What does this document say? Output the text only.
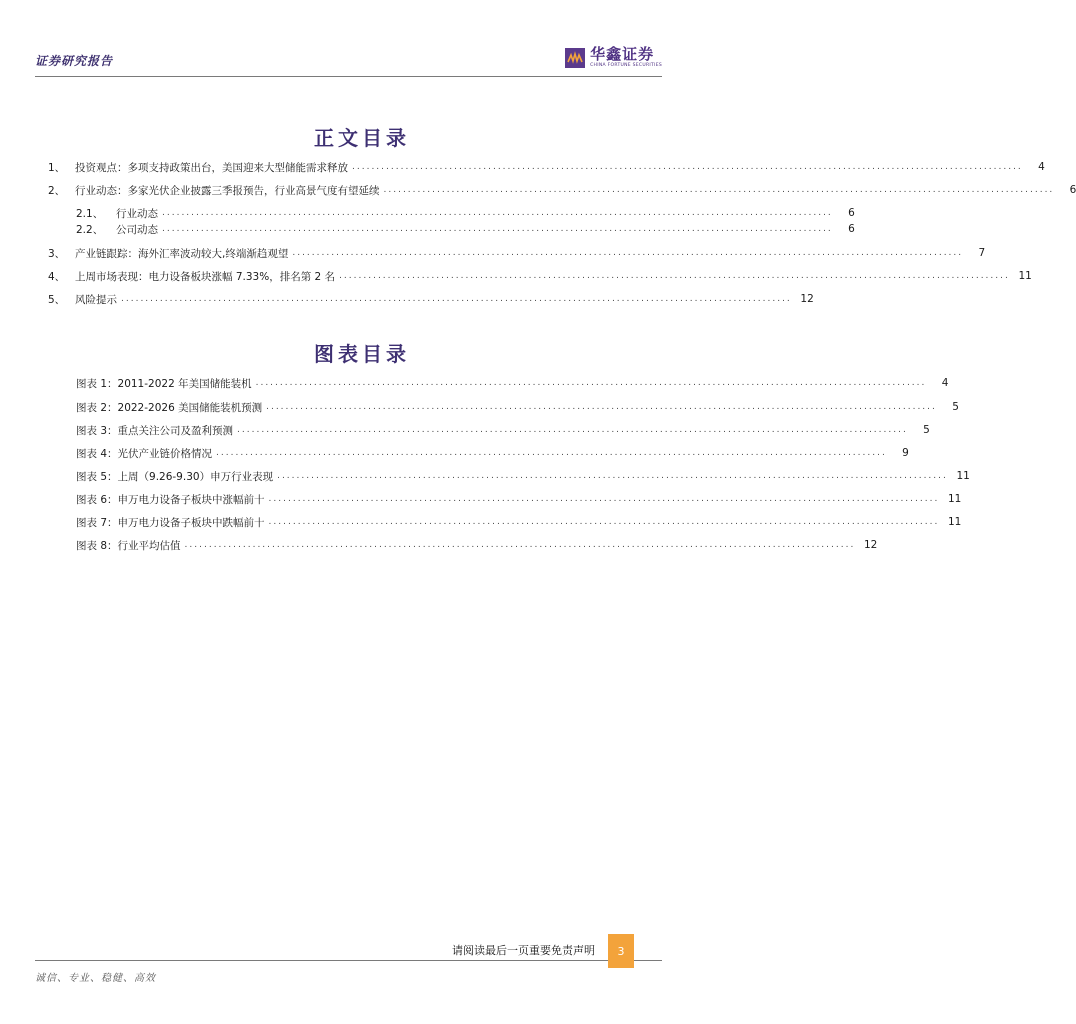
证券研究报告	华鑫证券
CHINA FORTUNE SECURITIES
正文目录
1、 投资观点：多项支持政策出台，美国迎来大型储能需求释放 ..........................................................................................................................................	4
2、 行业动态：多家光伏企业披露三季报预告，行业高景气度有望延续 ..........................................................................................................................................	6
2.1、	行业动态 ..........................................................................................................................................	6
2.2、	公司动态 ..........................................................................................................................................	6
3、 产业链跟踪：海外汇率波动较大,终端渐趋观望 ..........................................................................................................................................	7
4、 上周市场表现：电力设备板块涨幅 7.33%，排名第 2 名 .......................................................................................................................................... 11
5、 风险提示 .......................................................................................................................................... 12
图表目录
图表 1：2011-2022 年美国储能装机 ..........................................................................................................................................	4
图表 2：2022-2026 美国储能装机预测 ..........................................................................................................................................	5
图表 3：重点关注公司及盈利预测 ..........................................................................................................................................	5
图表 4：光伏产业链价格情况 ..........................................................................................................................................	9
图表 5：上周（9.26-9.30）申万行业表现 .......................................................................................................................................... 11
图表 6：申万电力设备子板块中涨幅前十 .......................................................................................................................................... 11
图表 7：申万电力设备子板块中跌幅前十 .......................................................................................................................................... 11
图表 8：行业平均估值 .......................................................................................................................................... 12
请阅读最后一页重要免责声明	3
诚信、专业、稳健、高效
